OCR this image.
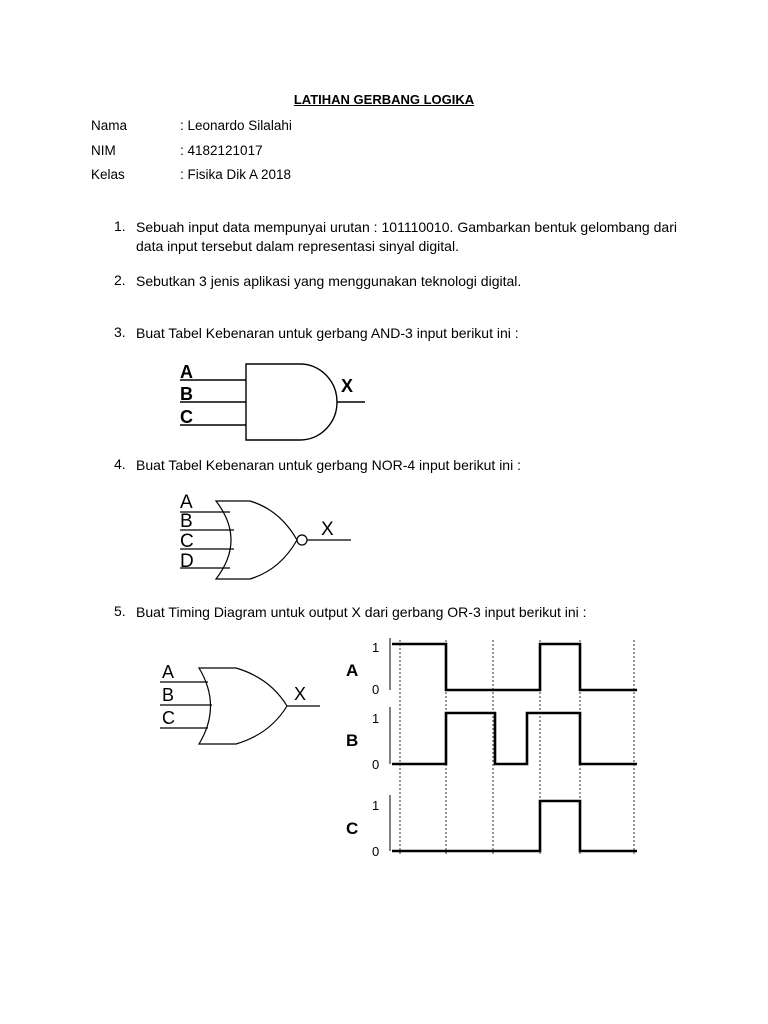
LATIHAN GERBANG LOGIKA
Nama	: Leonardo Silalahi
NIM	: 4182121017
Kelas	: Fisika Dik A 2018
1. Sebuah input data mempunyai urutan : 101110010. Gambarkan bentuk gelombang dari data input tersebut dalam representasi sinyal digital.
2. Sebutkan 3 jenis aplikasi yang menggunakan teknologi digital.
3. Buat Tabel Kebenaran untuk gerbang AND-3 input berikut ini :
A
B
C
X
4. Buat Tabel Kebenaran untuk gerbang NOR-4 input berikut ini :
A
B
C
D
X
5. Buat Timing Diagram untuk output X dari gerbang OR-3 input berikut ini :
A
B
C
X
A
1
0
B
1
0
C
1
0
